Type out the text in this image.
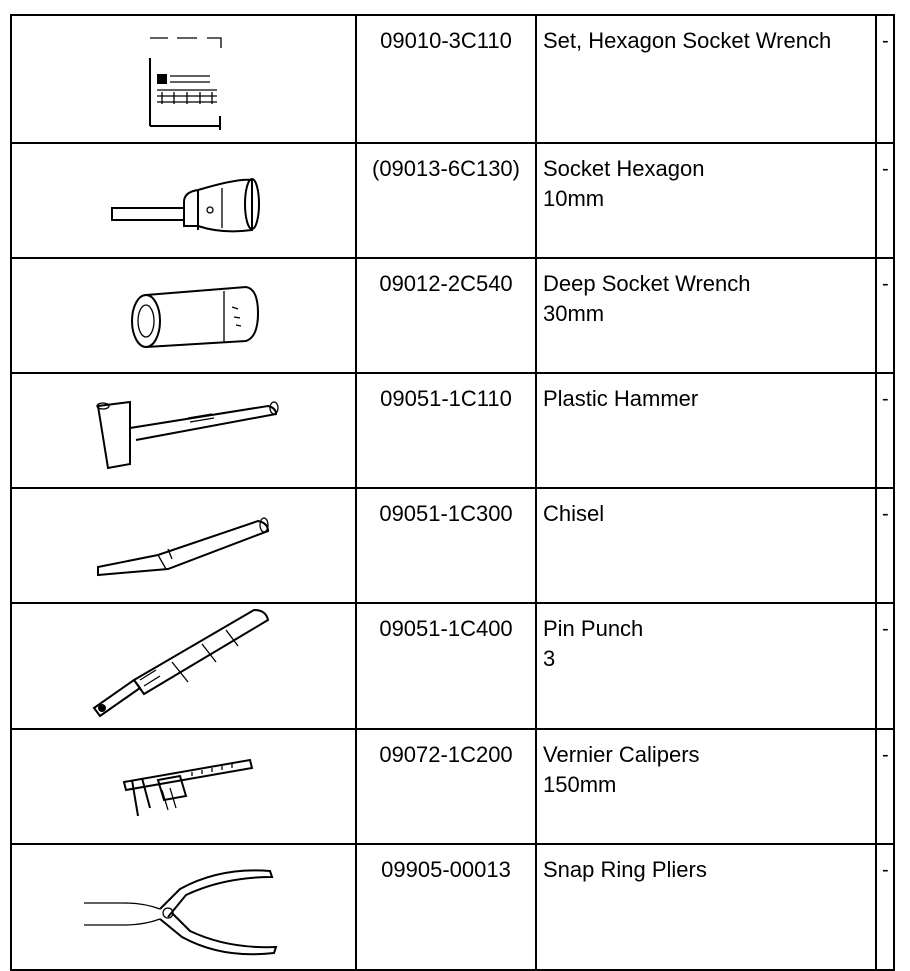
09010-3C110	Set, Hexagon Socket Wrench	-

(09013-6C130)	Socket Hexagon
10mm	-

09012-2C540	Deep Socket Wrench
30mm	-

09051-1C110	Plastic Hammer	-

09051-1C300	Chisel	-

09051-1C400	Pin Punch
3	-

09072-1C200	Vernier Calipers
150mm	-

09905-00013	Snap Ring Pliers	-
